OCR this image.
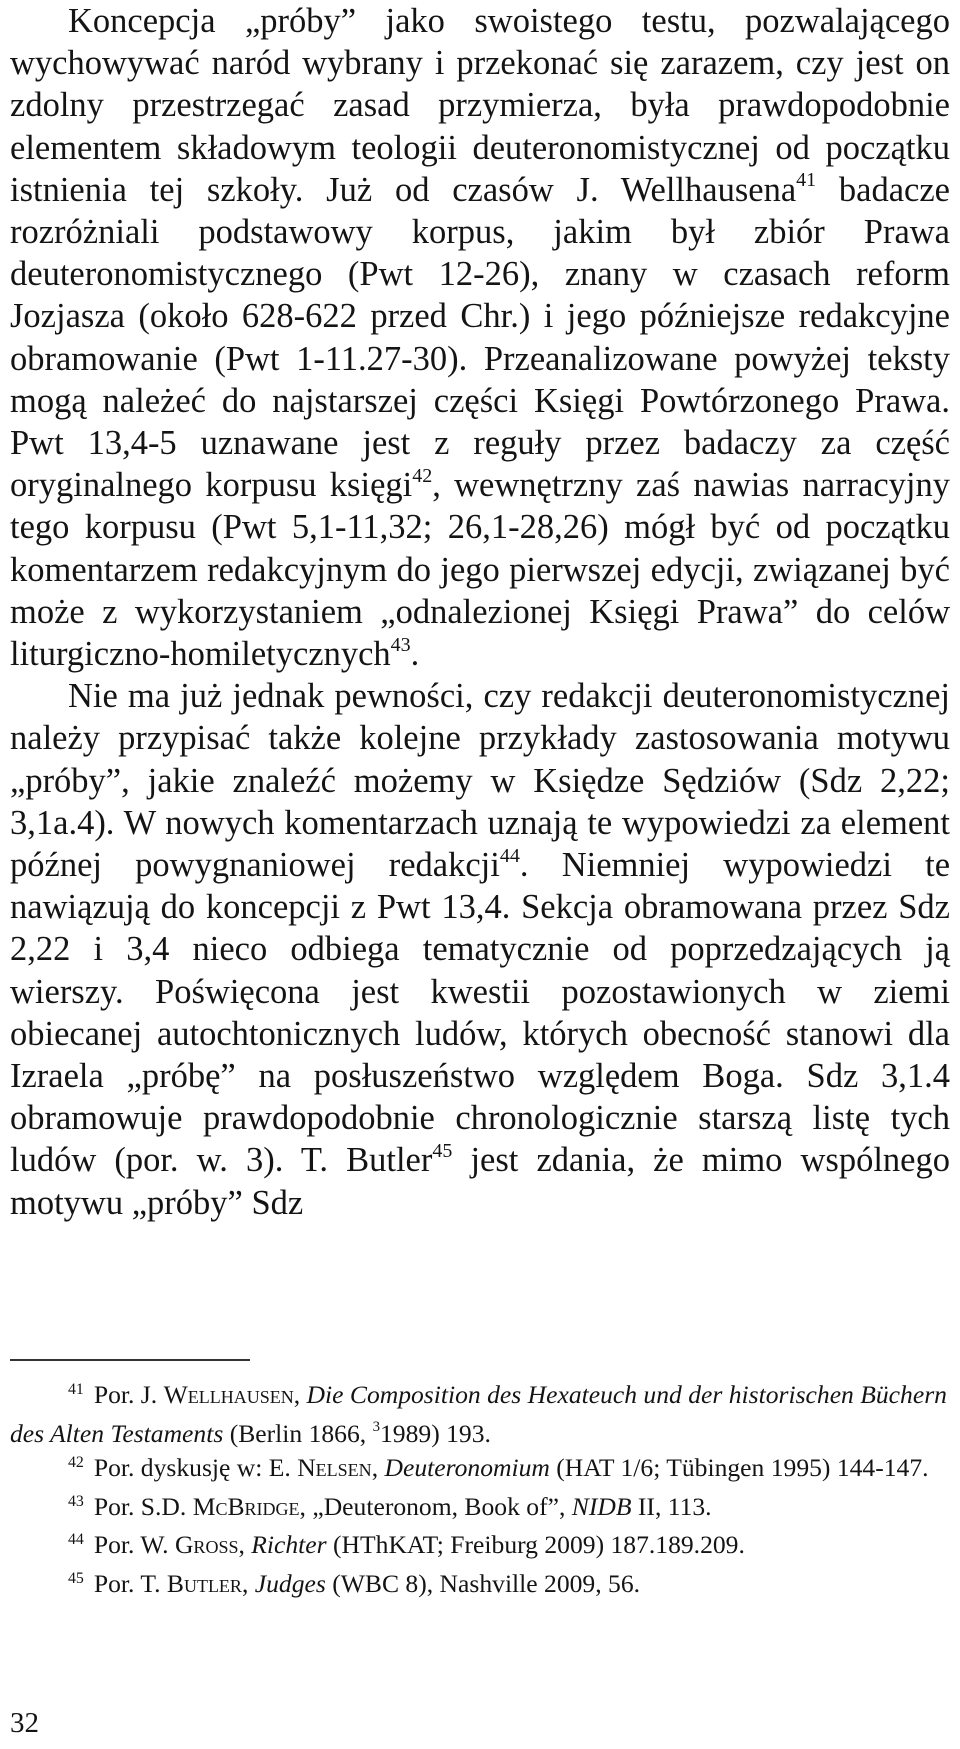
Koncepcja „próby” jako swoistego testu, pozwalającego wychowywać naród wybrany i przekonać się zarazem, czy jest on zdolny przestrzegać zasad przymierza, była prawdopodobnie elementem składowym teologii deuteronomistycznej od początku istnienia tej szkoły. Już od czasów J. Wellhausena$^{41}$ badacze rozróżniali podstawowy korpus, jakim był zbiór Prawa deuteronomistycznego (Pwt 12-26), znany w czasach reform Jozjasza (około 628-622 przed Chr.) i jego późniejsze redakcyjne obramowanie (Pwt 1-11.27-30). Przeanalizowane powyżej teksty mogą należeć do najstarszej części Księgi Powtórzonego Prawa. Pwt 13,4-5 uznawane jest z reguły przez badaczy za część oryginalnego korpusu księgi$^{42}$, wewnętrzny zaś nawias narracyjny tego korpusu (Pwt 5,1-11,32; 26,1-28,26) mógł być od początku komentarzem redakcyjnym do jego pierwszej edycji, związanej być może z wykorzystaniem „odnalezionej Księgi Prawa” do celów liturgiczno-homiletycznych$^{43}$.

Nie ma już jednak pewności, czy redakcji deuteronomistycznej należy przypisać także kolejne przykłady zastosowania motywu „próby”, jakie znaleźć możemy w Księdze Sędziów (Sdz 2,22; 3,1a.4). W nowych komentarzach uznają te wypowiedzi za element późnej powygnaniowej redakcji$^{44}$. Niemniej wypowiedzi te nawiązują do koncepcji z Pwt 13,4. Sekcja obramowana przez Sdz 2,22 i 3,4 nieco odbiega tematycznie od poprzedzających ją wierszy. Poświęcona jest kwestii pozostawionych w ziemi obiecanej autochtonicznych ludów, których obecność stanowi dla Izraela „próbę” na posłuszeństwo względem Boga. Sdz 3,1.4 obramowuje prawdopodobnie chronologicznie starszą listę tych ludów (por. w. 3). T. Butler$^{45}$ jest zdania, że mimo wspólnego motywu „próby” Sdz

$^{41}$ Por. J. Wellhausen, Die Composition des Hexateuch und der historischen Büchern des Alten Testaments (Berlin 1866, $^3$1989) 193.

$^{42}$ Por. dyskusję w: E. Nelsen, Deuteronomium (HAT 1/6; Tübingen 1995) 144-147.

$^{43}$ Por. S.D. McBridge, „Deuteronom, Book of”, NIDB II, 113.

$^{44}$ Por. W. Gross, Richter (HThKAT; Freiburg 2009) 187.189.209.

$^{45}$ Por. T. Butler, Judges (WBC 8), Nashville 2009, 56.

32
